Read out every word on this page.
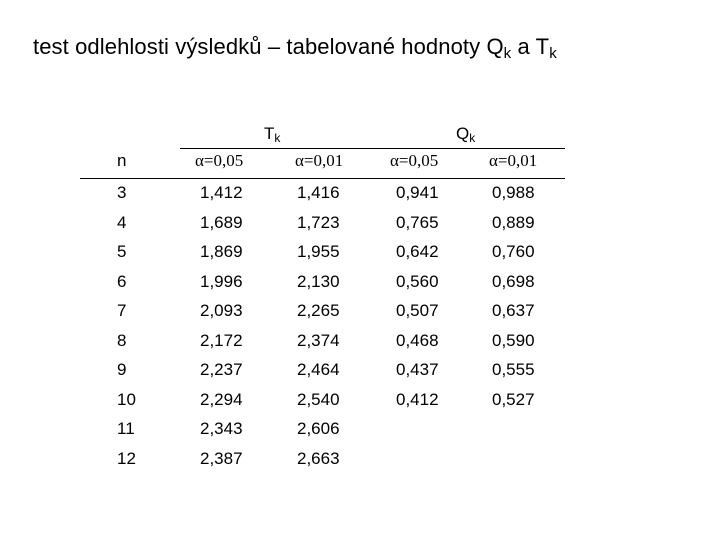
test odlehlosti výsledků – tabelované hodnoty $Q_k$ a $T_k$
$T_k$	$Q_k$
n	α=0,05	α=0,01	α=0,05	α=0,01
3	1,412	1,416	0,941	0,988
4	1,689	1,723	0,765	0,889
5	1,869	1,955	0,642	0,760
6	1,996	2,130	0,560	0,698
7	2,093	2,265	0,507	0,637
8	2,172	2,374	0,468	0,590
9	2,237	2,464	0,437	0,555
10	2,294	2,540	0,412	0,527
11	2,343	2,606
12	2,387	2,663
